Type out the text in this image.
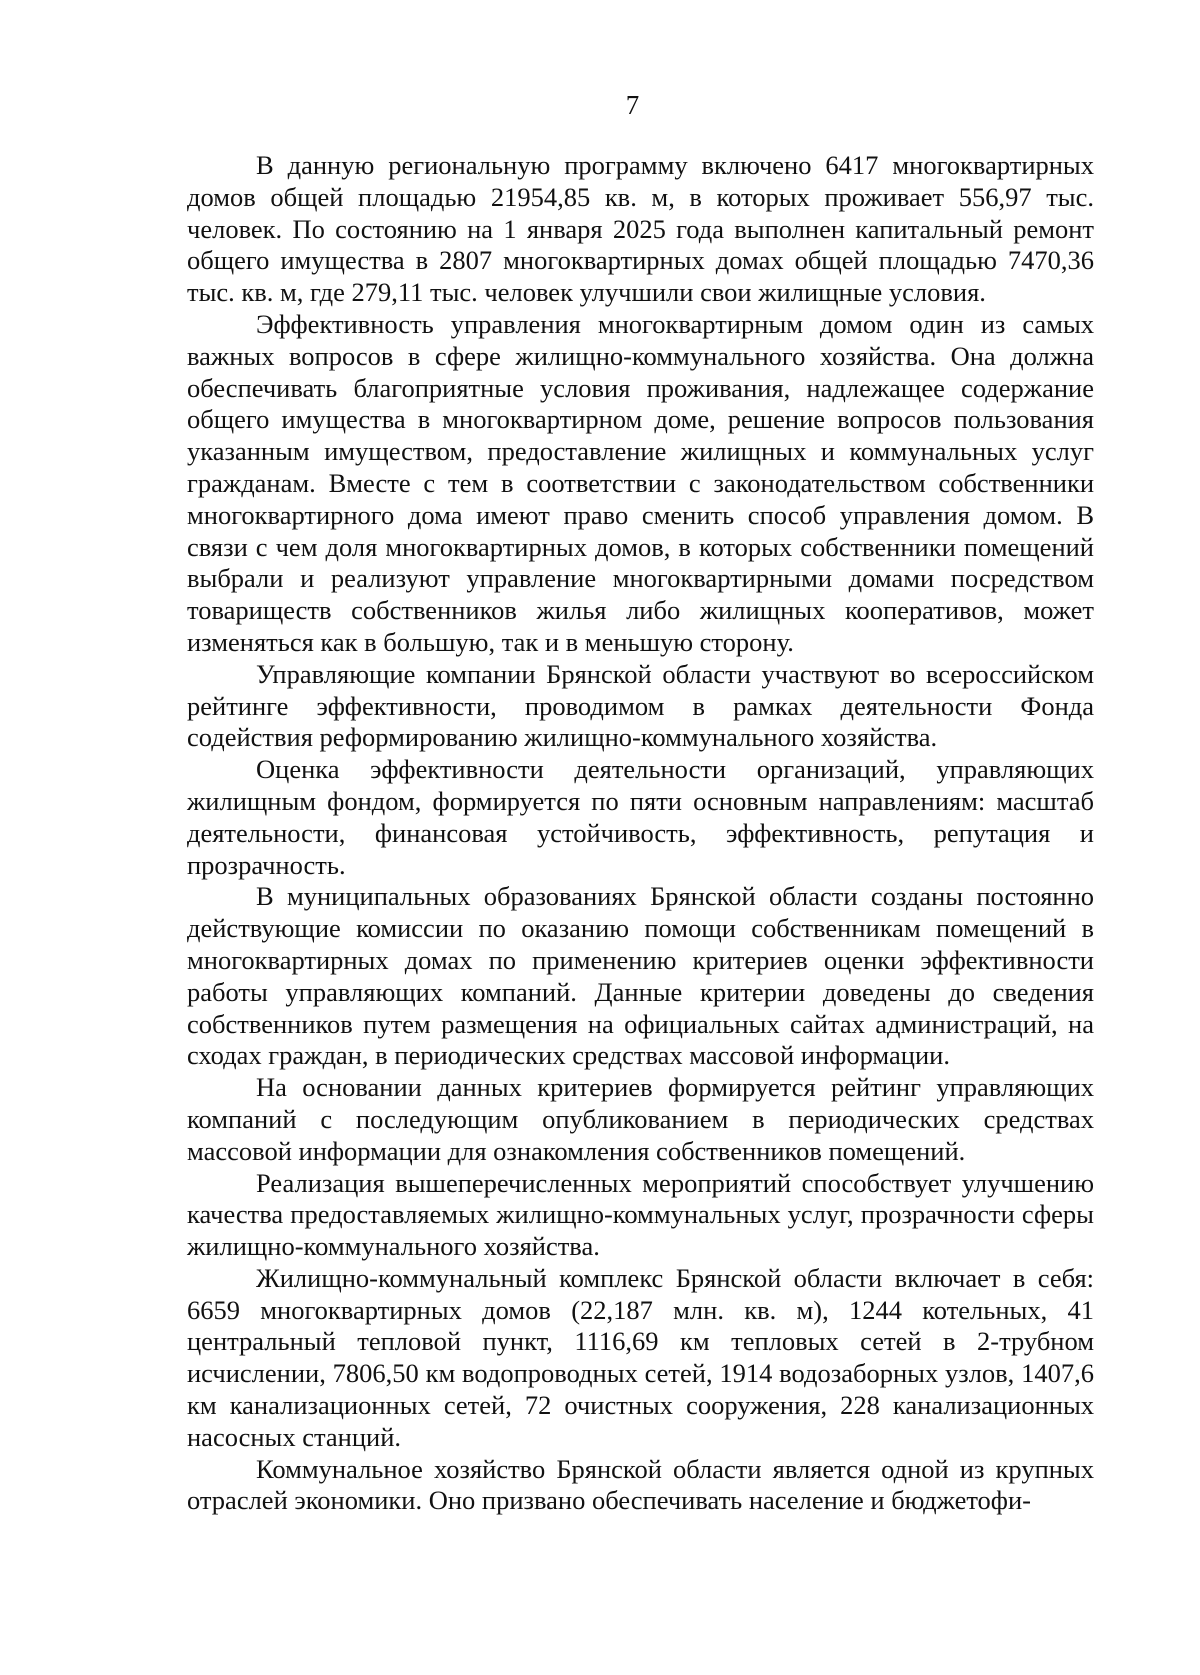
7

В данную региональную программу включено 6417 многоквартирных домов общей площадью 21954,85 кв. м, в которых проживает 556,97 тыс. человек. По состоянию на 1 января 2025 года выполнен капитальный ремонт общего имущества в 2807 многоквартирных домах общей площадью 7470,36 тыс. кв. м, где 279,11 тыс. человек улучшили свои жилищные условия.

Эффективность управления многоквартирным домом один из самых важных вопросов в сфере жилищно-коммунального хозяйства. Она должна обеспечивать благоприятные условия проживания, надлежащее содержание общего имущества в многоквартирном доме, решение вопросов пользования указанным имуществом, предоставление жилищных и коммунальных услуг гражданам. Вместе с тем в соответствии с законодательством собственники многоквартирного дома имеют право сменить способ управления домом. В связи с чем доля многоквартирных домов, в которых собственники помещений выбрали и реализуют управление многоквартирными домами посредством товариществ собственников жилья либо жилищных кооперативов, может изменяться как в большую, так и в меньшую сторону.

Управляющие компании Брянской области участвуют во всероссийском рейтинге эффективности, проводимом в рамках деятельности Фонда содействия реформированию жилищно-коммунального хозяйства.

Оценка эффективности деятельности организаций, управляющих жилищным фондом, формируется по пяти основным направлениям: масштаб деятельности, финансовая устойчивость, эффективность, репутация и прозрачность.

В муниципальных образованиях Брянской области созданы постоянно действующие комиссии по оказанию помощи собственникам помещений в многоквартирных домах по применению критериев оценки эффективности работы управляющих компаний. Данные критерии доведены до сведения собственников путем размещения на официальных сайтах администраций, на сходах граждан, в периодических средствах массовой информации.

На основании данных критериев формируется рейтинг управляющих компаний с последующим опубликованием в периодических средствах массовой информации для ознакомления собственников помещений.

Реализация вышеперечисленных мероприятий способствует улучшению качества предоставляемых жилищно-коммунальных услуг, прозрачности сферы жилищно-коммунального хозяйства.

Жилищно-коммунальный комплекс Брянской области включает в себя: 6659 многоквартирных домов (22,187 млн. кв. м), 1244 котельных, 41 центральный тепловой пункт, 1116,69 км тепловых сетей в 2-трубном исчислении, 7806,50 км водопроводных сетей, 1914 водозаборных узлов, 1407,6 км канализационных сетей, 72 очистных сооружения, 228 канализационных насосных станций.

Коммунальное хозяйство Брянской области является одной из крупных отраслей экономики. Оно призвано обеспечивать население и бюджетофи-
